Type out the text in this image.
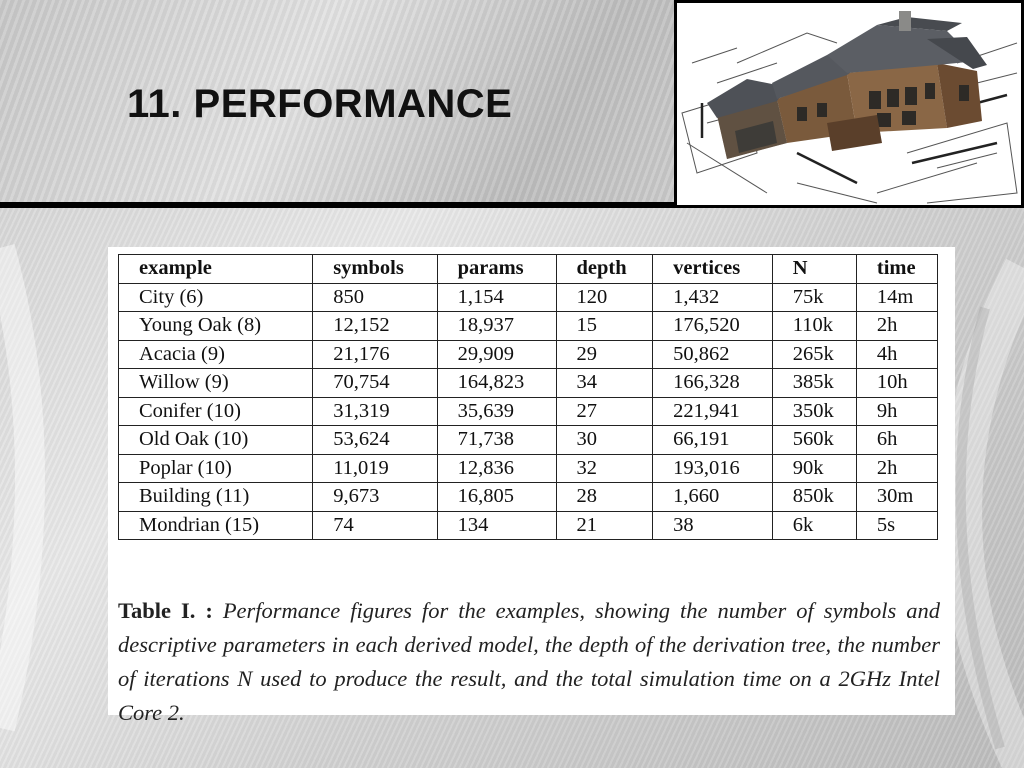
11. PERFORMANCE
example	symbols	params	depth	vertices	N	time
City (6)	850	1,154	120	1,432	75k	14m
Young Oak (8)	12,152	18,937	15	176,520	110k	2h
Acacia (9)	21,176	29,909	29	50,862	265k	4h
Willow (9)	70,754	164,823	34	166,328	385k	10h
Conifer (10)	31,319	35,639	27	221,941	350k	9h
Old Oak (10)	53,624	71,738	30	66,191	560k	6h
Poplar (10)	11,019	12,836	32	193,016	90k	2h
Building (11)	9,673	16,805	28	1,660	850k	30m
Mondrian (15)	74	134	21	38	6k	5s

Table I. : Performance figures for the examples, showing the number of symbols and descriptive parameters in each derived model, the depth of the derivation tree, the number of iterations N used to produce the result, and the total simulation time on a 2GHz Intel Core 2.
